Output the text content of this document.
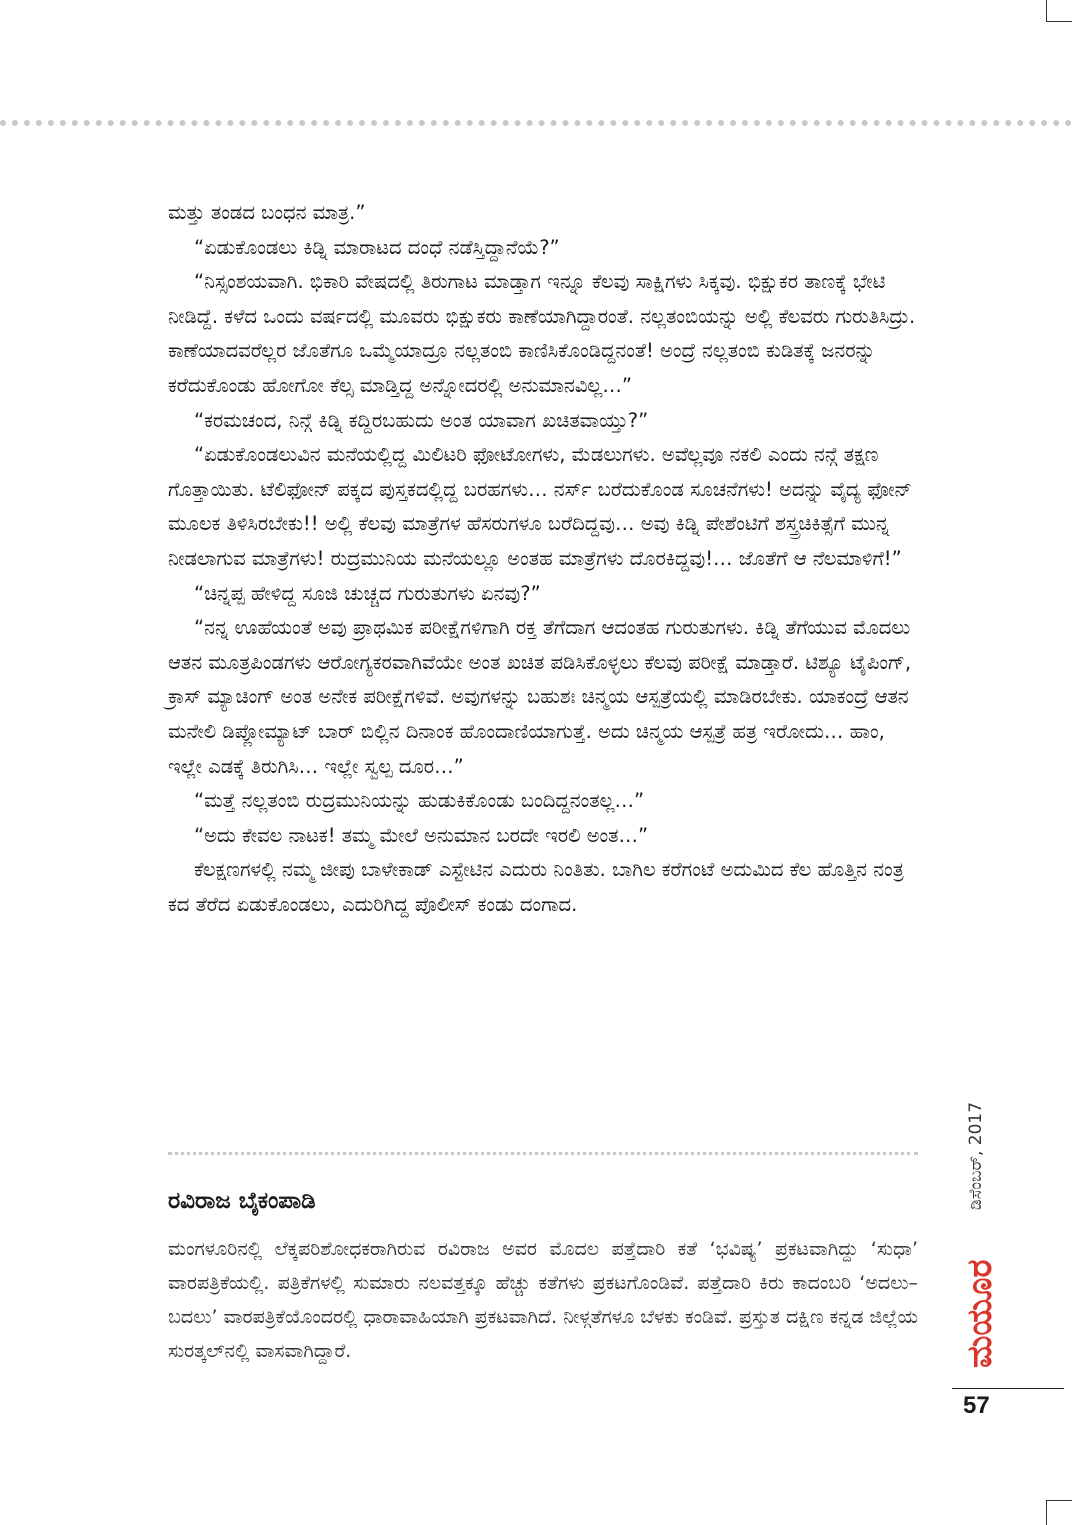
ಮತ್ತು ತಂಡದ ಬಂಧನ ಮಾತ್ರ.”

“ಏಡುಕೊಂಡಲು ಕಿಡ್ನಿ ಮಾರಾಟದ ದಂಧೆ ನಡೆಸ್ತಿದ್ದಾನೆಯೆ?”

“ನಿಸ್ಸಂಶಯವಾಗಿ. ಭಿಕಾರಿ ವೇಷದಲ್ಲಿ ತಿರುಗಾಟ ಮಾಡ್ತಾಗ ಇನ್ನೂ ಕೆಲವು ಸಾಕ್ಷಿಗಳು ಸಿಕ್ಕವು. ಭಿಕ್ಷುಕರ ತಾಣಕ್ಕೆ ಭೇಟಿ ನೀಡಿದ್ದೆ. ಕಳೆದ ಒಂದು ವರ್ಷದಲ್ಲಿ ಮೂವರು ಭಿಕ್ಷುಕರು ಕಾಣೆಯಾಗಿದ್ದಾರಂತೆ. ನಲ್ಲತಂಬಿಯನ್ನು ಅಲ್ಲಿ ಕೆಲವರು ಗುರುತಿಸಿದ್ರು. ಕಾಣೆಯಾದವರೆಲ್ಲರ ಜೊತೆಗೂ ಒಮ್ಮೆಯಾದ್ರೂ ನಲ್ಲತಂಬಿ ಕಾಣಿಸಿಕೊಂಡಿದ್ದನಂತೆ! ಅಂದ್ರೆ ನಲ್ಲತಂಬಿ ಕುಡಿತಕ್ಕೆ ಜನರನ್ನು ಕರೆದುಕೊಂಡು ಹೋಗೋ ಕೆಲ್ಸ ಮಾಡ್ತಿದ್ದ ಅನ್ನೋದರಲ್ಲಿ ಅನುಮಾನವಿಲ್ಲ…”

“ಕರಮಚಂದ, ನಿನ್ಗೆ ಕಿಡ್ನಿ ಕದ್ದಿರಬಹುದು ಅಂತ ಯಾವಾಗ ಖಚಿತವಾಯ್ತು?”

“ಏಡುಕೊಂಡಲುವಿನ ಮನೆಯಲ್ಲಿದ್ದ ಮಿಲಿಟರಿ ಫೋಟೋಗಳು, ಮೆಡಲುಗಳು. ಅವೆಲ್ಲವೂ ನಕಲಿ ಎಂದು ನನ್ಗೆ ತಕ್ಷಣ ಗೊತ್ತಾಯಿತು. ಟೆಲಿಫೋನ್ ಪಕ್ಕದ ಪುಸ್ತಕದಲ್ಲಿದ್ದ ಬರಹಗಳು… ನರ್ಸ್ ಬರೆದುಕೊಂಡ ಸೂಚನೆಗಳು! ಅದನ್ನು ವೈದ್ಯ ಫೋನ್ ಮೂಲಕ ತಿಳಿಸಿರಬೇಕು!! ಅಲ್ಲಿ ಕೆಲವು ಮಾತ್ರೆಗಳ ಹೆಸರುಗಳೂ ಬರೆದಿದ್ದವು… ಅವು ಕಿಡ್ನಿ ಪೇಶೆಂಟಿಗೆ ಶಸ್ತ್ರಚಿಕಿತ್ಸೆಗೆ ಮುನ್ನ ನೀಡಲಾಗುವ ಮಾತ್ರೆಗಳು! ರುದ್ರಮುನಿಯ ಮನೆಯಲ್ಲೂ ಅಂತಹ ಮಾತ್ರೆಗಳು ದೊರಕಿದ್ದವು!… ಜೊತೆಗೆ ಆ ನೆಲಮಾಳಿಗೆ!”

“ಚಿನ್ನಪ್ಪ ಹೇಳಿದ್ದ ಸೂಜಿ ಚುಚ್ಚದ ಗುರುತುಗಳು ಏನವು?”

“ನನ್ನ ಊಹೆಯಂತೆ ಅವು ಪ್ರಾಥಮಿಕ ಪರೀಕ್ಷೆಗಳಿಗಾಗಿ ರಕ್ತ ತೆಗೆದಾಗ ಆದಂತಹ ಗುರುತುಗಳು. ಕಿಡ್ನಿ ತೆಗೆಯುವ ಮೊದಲು ಆತನ ಮೂತ್ರಪಿಂಡಗಳು ಆರೋಗ್ಯಕರವಾಗಿವೆಯೇ ಅಂತ ಖಚಿತ ಪಡಿಸಿಕೊಳ್ಳಲು ಕೆಲವು ಪರೀಕ್ಷೆ ಮಾಡ್ತಾರೆ. ಟಿಶ್ಯೂ ಟೈಪಿಂಗ್, ಕ್ರಾಸ್ ಮ್ಯಾಚಿಂಗ್ ಅಂತ ಅನೇಕ ಪರೀಕ್ಷೆಗಳಿವೆ. ಅವುಗಳನ್ನು ಬಹುಶಃ ಚಿನ್ಮಯ ಆಸ್ಪತ್ರೆಯಲ್ಲಿ ಮಾಡಿರಬೇಕು. ಯಾಕಂದ್ರೆ ಆತನ ಮನೇಲಿ ಡಿಪ್ಲೋಮ್ಯಾಟ್ ಬಾರ್ ಬಿಲ್ಲಿನ ದಿನಾಂಕ ಹೊಂದಾಣಿಯಾಗುತ್ತೆ. ಅದು ಚಿನ್ಮಯ ಆಸ್ಪತ್ರೆ ಹತ್ರ ಇರೋದು… ಹಾಂ, ಇಲ್ಲೇ ಎಡಕ್ಕೆ ತಿರುಗಿಸಿ… ಇಲ್ಲೇ ಸ್ವಲ್ಪ ದೂರ…”

“ಮತ್ತೆ ನಲ್ಲತಂಬಿ ರುದ್ರಮುನಿಯನ್ನು ಹುಡುಕಿಕೊಂಡು ಬಂದಿದ್ದನಂತಲ್ಲ…”

“ಅದು ಕೇವಲ ನಾಟಕ! ತಮ್ಮ ಮೇಲೆ ಅನುಮಾನ ಬರದೇ ಇರಲಿ ಅಂತ…”

ಕೆಲಕ್ಷಣಗಳಲ್ಲಿ ನಮ್ಮ ಜೀಪು ಬಾಳೇಕಾಡ್ ಎಸ್ಟೇಟಿನ ಎದುರು ನಿಂತಿತು. ಬಾಗಿಲ ಕರೆಗಂಟೆ ಅದುಮಿದ ಕೆಲ ಹೊತ್ತಿನ ನಂತ್ರ ಕದ ತೆರೆದ ಏಡುಕೊಂಡಲು, ಎದುರಿಗಿದ್ದ ಪೊಲೀಸ್ ಕಂಡು ದಂಗಾದ.

ರವಿರಾಜ ಬೈಕಂಪಾಡಿ

ಮಂಗಳೂರಿನಲ್ಲಿ ಲೆಕ್ಕಪರಿಶೋಧಕರಾಗಿರುವ ರವಿರಾಜ ಅವರ ಮೊದಲ ಪತ್ತೆದಾರಿ ಕತೆ ‘ಭವಿಷ್ಯ’ ಪ್ರಕಟವಾಗಿದ್ದು ‘ಸುಧಾ’ ವಾರಪತ್ರಿಕೆಯಲ್ಲಿ. ಪತ್ರಿಕೆಗಳಲ್ಲಿ ಸುಮಾರು ನಲವತ್ತಕ್ಕೂ ಹೆಚ್ಚು ಕತೆಗಳು ಪ್ರಕಟಗೊಂಡಿವೆ. ಪತ್ತೆದಾರಿ ಕಿರು ಕಾದಂಬರಿ ‘ಅದಲು–ಬದಲು’ ವಾರಪತ್ರಿಕೆಯೊಂದರಲ್ಲಿ ಧಾರಾವಾಹಿಯಾಗಿ ಪ್ರಕಟವಾಗಿದೆ. ನೀಳ್ಗತೆಗಳೂ ಬೆಳಕು ಕಂಡಿವೆ. ಪ್ರಸ್ತುತ ದಕ್ಷಿಣ ಕನ್ನಡ ಜಿಲ್ಲೆಯ ಸುರತ್ಕಲ್‌ನಲ್ಲಿ ವಾಸವಾಗಿದ್ದಾರೆ.

ಡಿಸೆಂಬರ್, 2017
ಮಯೂರ
57
